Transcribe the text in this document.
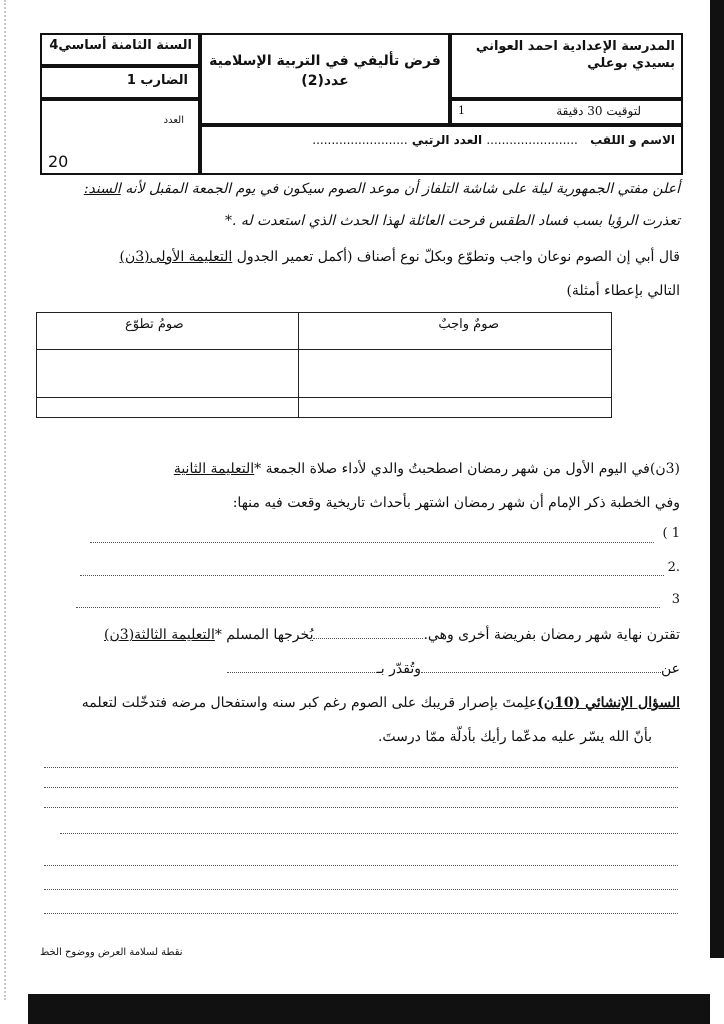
المدرسة الإعدادية احمد العواني بسيدي بوعلي
فرض تأليفي في التربية الإسلامية
عدد(2)
السنة الثامنة أساسي4
الضارب 1
العدد
20
لتوقيت 30 دقيقة
1
الاسم و اللقب ........................ العدد الرتبي .........................
أعلن مفتي الجمهورية ليلة على شاشة التلفاز أن موعد الصوم سيكون في يوم الجمعة المقبل لأنه السند:
تعذرت الرؤيا بسب فساد الطقس فرحت العائلة لهذا الحدث الذي استعدت له .*
قال أبي إن الصوم نوعان واجب وتطوّع وبكلّ نوع أصناف (أكمل تعمير الجدول التعليمة الأولى(3ن)
التالي بإعطاء أمثلة)
صومٌ واجبٌ
صومُ تطوّع
(3ن)في اليوم الأول من شهر رمضان اصطحبتُ والدي لأداء صلاة الجمعة *التعليمة الثانية
وفي الخطبة ذكر الإمام أن شهر رمضان اشتهر بأحداث تاريخية وقعت فيه منها:
1 )
.2
3
تقترن نهاية شهر رمضان بفريضة أخرى وهي.يُخرجها المسلم *التعليمة الثالثة(3ن)
عنوتُقدّر بـ
السؤال الإنشائي (10ن)علِمتَ بإصرار قريبك على الصوم رغم كبر سنه واستفحال مرضه فتدخّلت لتعلمه
بأنّ الله يسّر عليه مدعّما رأيك بأدلّة ممّا درستَ.
نقطة لسلامة العرض ووضوح الخط
